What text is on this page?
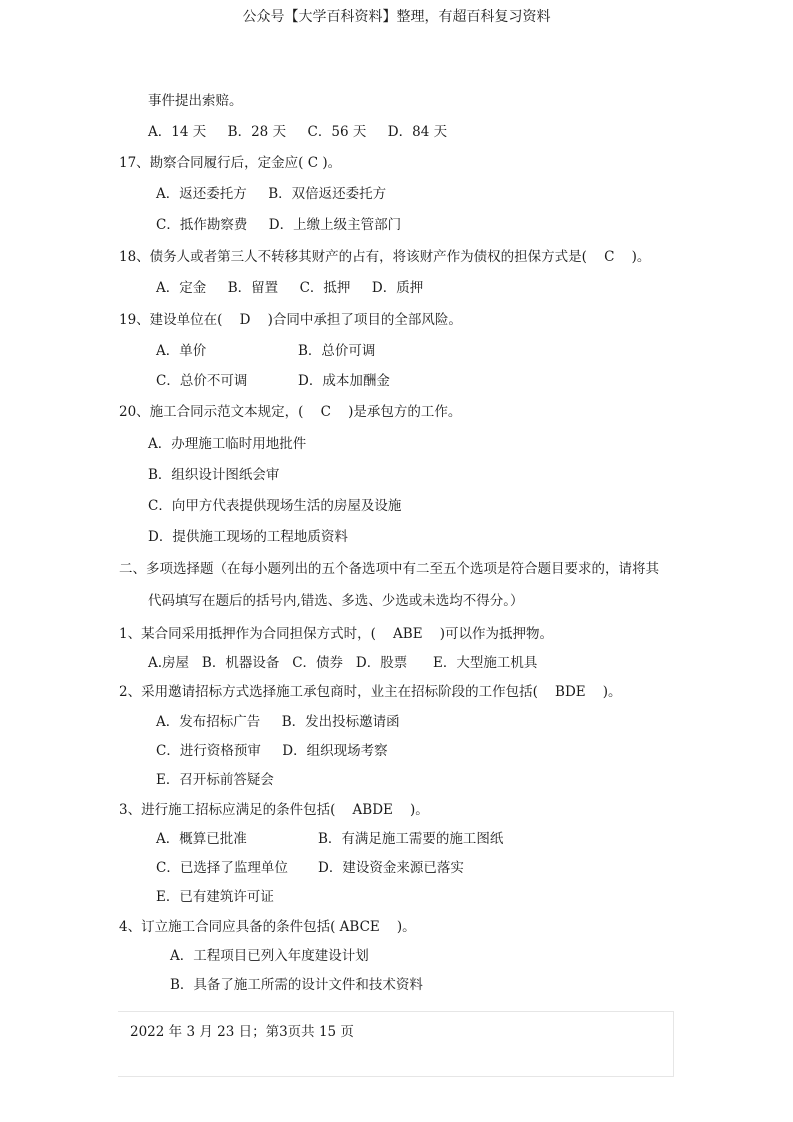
公众号【大学百科资料】整理，有超百科复习资料
事件提出索赔。
A．14 天     B．28 天     C．56 天     D．84 天
17、勘察合同履行后，定金应( C )。
A．返还委托方     B．双倍返还委托方
C．抵作勘察费     D．上缴上级主管部门
18、债务人或者第三人不转移其财产的占有，将该财产作为债权的担保方式是(    C    )。
A．定金     B．留置     C．抵押     D．质押
19、建设单位在(    D    )合同中承担了项目的全部风险。
A．单价	B．总价可调
C．总价不可调	D．成本加酬金
20、施工合同示范文本规定，(    C    )是承包方的工作。
A．办理施工临时用地批件
B．组织设计图纸会审
C．向甲方代表提供现场生活的房屋及设施
D．提供施工现场的工程地质资料
二、多项选择题（在每小题列出的五个备选项中有二至五个选项是符合题目要求的，请将其
代码填写在题后的括号内,错选、多选、少选或未选均不得分。）
1、某合同采用抵押作为合同担保方式时，(    ABE    )可以作为抵押物。
A.房屋   B．机器设备   C．债券   D．股票      E．大型施工机具
2、采用邀请招标方式选择施工承包商时，业主在招标阶段的工作包括(    BDE    )。
A．发布招标广告     B．发出投标邀请函
C．进行资格预审     D．组织现场考察
E．召开标前答疑会
3、进行施工招标应满足的条件包括(    ABDE    )。
A．概算已批准	B．有满足施工需要的施工图纸
C．已选择了监理单位 D．建设资金来源已落实
E．已有建筑许可证
4、订立施工合同应具备的条件包括( ABCE    )。
A．工程项目已列入年度建设计划
B．具备了施工所需的设计文件和技术资料
2022 年 3 月 23 日；第3页共 15 页
